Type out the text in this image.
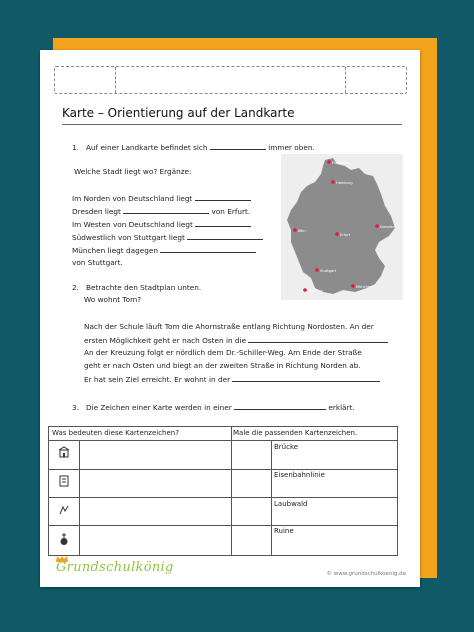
Karte – Orientierung auf der Landkarte
1. Auf einer Landkarte befindet sich	immer oben.
Welche Stadt liegt wo? Ergänze:
Im Norden von Deutschland liegt
Dresden liegt	von Erfurt.
Im Westen von Deutschland liegt
Südwestlich von Stuttgart liegt
München liegt dagegen
von Stuttgart.
Flensburg
Hamburg
Köln
Erfurt
Dresden
Stuttgart
Freiburg
München
2. Betrachte den Stadtplan unten.
Wo wohnt Tom?
Nach der Schule läuft Tom die Ahornstraße entlang Richtung Nordosten. An der
ersten Möglichkeit geht er nach Osten in die
An der Kreuzung folgt er nördlich dem Dr.-Schiller-Weg. Am Ende der Straße
geht er nach Osten und biegt an der zweiten Straße in Richtung Norden ab.
Er hat sein Ziel erreicht. Er wohnt in der
3. Die Zeichen einer Karte werden in einer	erklärt.
Was bedeuten diese Kartenzeichen?	Male die passenden Kartenzeichen.
Brücke
Eisenbahnlinie
Laubwald
Ruine
Grundschulkönig	© www.grundschulkoenig.de
